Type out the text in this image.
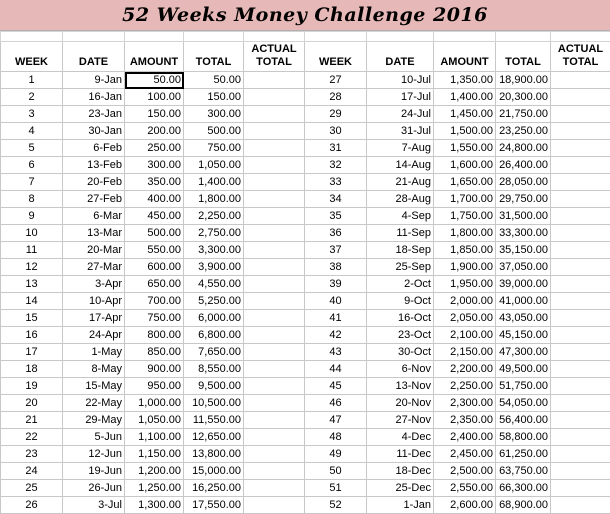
52 Weeks Money Challenge 2016

WEEK	DATE	AMOUNT	TOTAL	ACTUAL TOTAL	WEEK	DATE	AMOUNT	TOTAL	ACTUAL TOTAL
1	9-Jan	50.00	50.00		27	10-Jul	1,350.00	18,900.00	
2	16-Jan	100.00	150.00		28	17-Jul	1,400.00	20,300.00	
3	23-Jan	150.00	300.00		29	24-Jul	1,450.00	21,750.00	
4	30-Jan	200.00	500.00		30	31-Jul	1,500.00	23,250.00	
5	6-Feb	250.00	750.00		31	7-Aug	1,550.00	24,800.00	
6	13-Feb	300.00	1,050.00		32	14-Aug	1,600.00	26,400.00	
7	20-Feb	350.00	1,400.00		33	21-Aug	1,650.00	28,050.00	
8	27-Feb	400.00	1,800.00		34	28-Aug	1,700.00	29,750.00	
9	6-Mar	450.00	2,250.00		35	4-Sep	1,750.00	31,500.00	
10	13-Mar	500.00	2,750.00		36	11-Sep	1,800.00	33,300.00	
11	20-Mar	550.00	3,300.00		37	18-Sep	1,850.00	35,150.00	
12	27-Mar	600.00	3,900.00		38	25-Sep	1,900.00	37,050.00	
13	3-Apr	650.00	4,550.00		39	2-Oct	1,950.00	39,000.00	
14	10-Apr	700.00	5,250.00		40	9-Oct	2,000.00	41,000.00	
15	17-Apr	750.00	6,000.00		41	16-Oct	2,050.00	43,050.00	
16	24-Apr	800.00	6,800.00		42	23-Oct	2,100.00	45,150.00	
17	1-May	850.00	7,650.00		43	30-Oct	2,150.00	47,300.00	
18	8-May	900.00	8,550.00		44	6-Nov	2,200.00	49,500.00	
19	15-May	950.00	9,500.00		45	13-Nov	2,250.00	51,750.00	
20	22-May	1,000.00	10,500.00		46	20-Nov	2,300.00	54,050.00	
21	29-May	1,050.00	11,550.00		47	27-Nov	2,350.00	56,400.00	
22	5-Jun	1,100.00	12,650.00		48	4-Dec	2,400.00	58,800.00	
23	12-Jun	1,150.00	13,800.00		49	11-Dec	2,450.00	61,250.00	
24	19-Jun	1,200.00	15,000.00		50	18-Dec	2,500.00	63,750.00	
25	26-Jun	1,250.00	16,250.00		51	25-Dec	2,550.00	66,300.00	
26	3-Jul	1,300.00	17,550.00		52	1-Jan	2,600.00	68,900.00	
